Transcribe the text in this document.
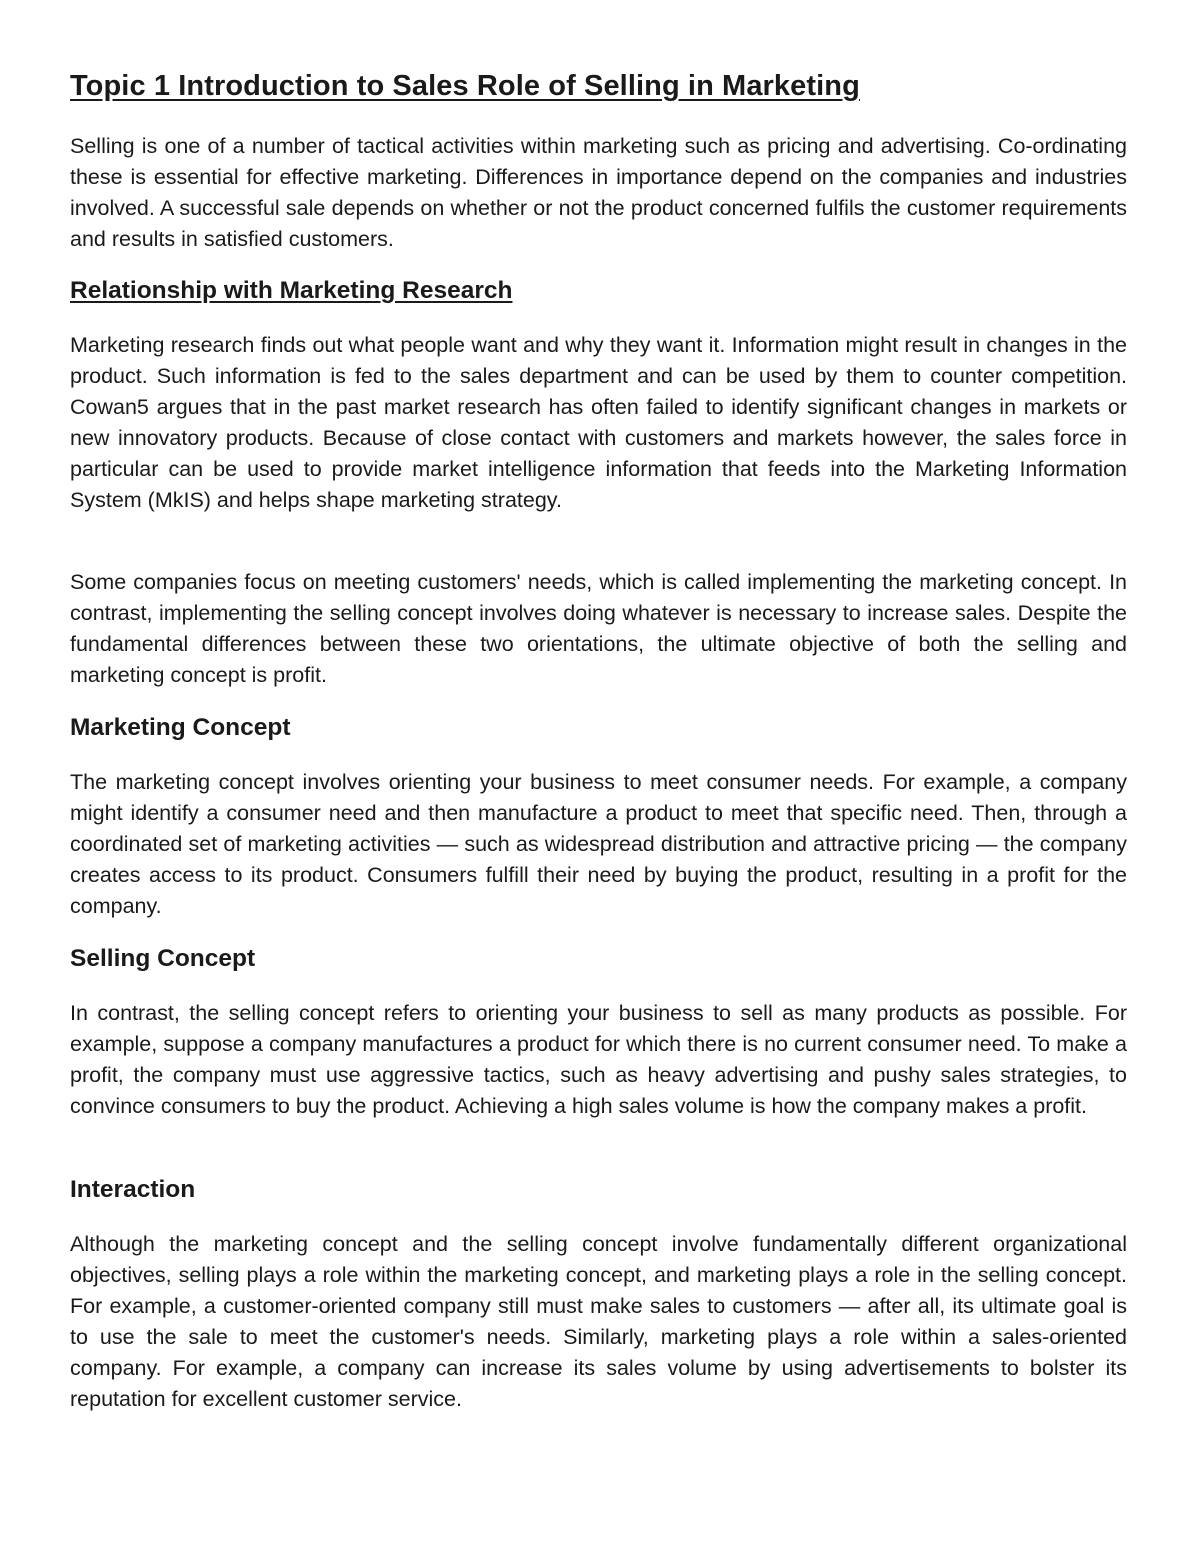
Topic 1 Introduction to Sales Role of Selling in Marketing

Selling is one of a number of tactical activities within marketing such as pricing and advertising. Co-ordinating these is essential for effective marketing. Differences in importance depend on the companies and industries involved. A successful sale depends on whether or not the product concerned fulfils the customer requirements and results in satisfied customers.

Relationship with Marketing Research

Marketing research finds out what people want and why they want it. Information might result in changes in the product. Such information is fed to the sales department and can be used by them to counter competition. Cowan5 argues that in the past market research has often failed to identify significant changes in markets or new innovatory products. Because of close contact with customers and markets however, the sales force in particular can be used to provide market intelligence information that feeds into the Marketing Information System (MkIS) and helps shape marketing strategy.

Some companies focus on meeting customers' needs, which is called implementing the marketing concept. In contrast, implementing the selling concept involves doing whatever is necessary to increase sales. Despite the fundamental differences between these two orientations, the ultimate objective of both the selling and marketing concept is profit.

Marketing Concept

The marketing concept involves orienting your business to meet consumer needs. For example, a company might identify a consumer need and then manufacture a product to meet that specific need. Then, through a coordinated set of marketing activities — such as widespread distribution and attractive pricing — the company creates access to its product. Consumers fulfill their need by buying the product, resulting in a profit for the company.

Selling Concept

In contrast, the selling concept refers to orienting your business to sell as many products as possible. For example, suppose a company manufactures a product for which there is no current consumer need. To make a profit, the company must use aggressive tactics, such as heavy advertising and pushy sales strategies, to convince consumers to buy the product. Achieving a high sales volume is how the company makes a profit.

Interaction

Although the marketing concept and the selling concept involve fundamentally different organizational objectives, selling plays a role within the marketing concept, and marketing plays a role in the selling concept. For example, a customer-oriented company still must make sales to customers — after all, its ultimate goal is to use the sale to meet the customer's needs. Similarly, marketing plays a role within a sales-oriented company. For example, a company can increase its sales volume by using advertisements to bolster its reputation for excellent customer service.
